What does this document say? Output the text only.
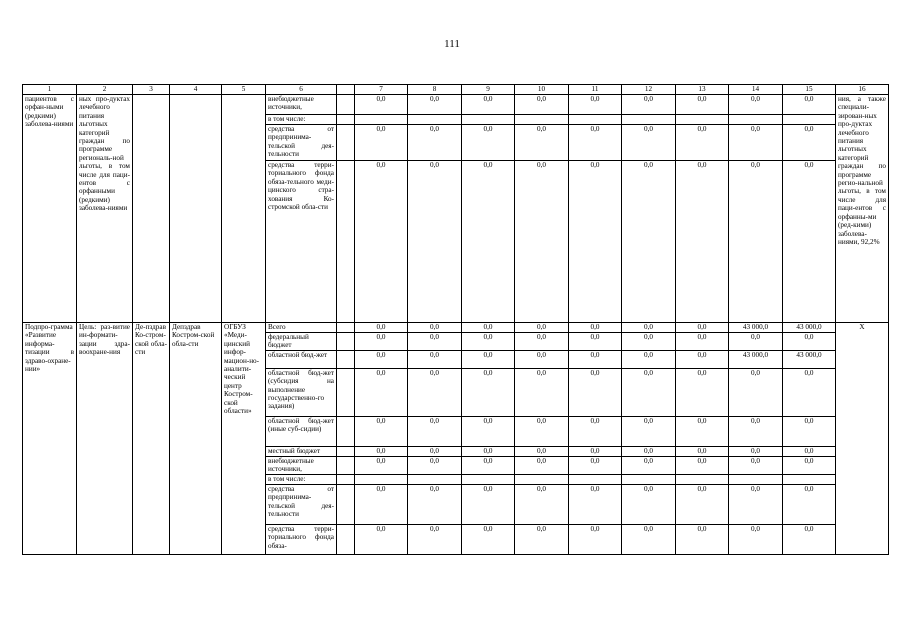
111
1	2	3	4	5	6		7	8	9	10	11	12	13	14	15	16
пациентов с орфан-ными (редкими) заболева-ниями	ных про-дуктах лечебного питания льготных категорий граждан по программе региональ-ной льготы, в том числе для паци-ентов с орфанными (редкими) заболева-ниями				внебюджетные источники,		0,0	0,0	0,0	0,0	0,0	0,0	0,0	0,0	0,0	ния, а также специали-зирован-ных про-дуктах лечебного питания льготных категорий граждан по программе регио-нальной льготы, в том числе для паци-ентов с орфанны-ми (ред-кими) заболева-ниями, 92,2%
					в том числе:											
					средства от предпринима-тельской дея-тельности		0,0	0,0	0,0	0,0	0,0	0,0	0,0	0,0	0,0	
					средства терри-ториального фонда обяза-тельного меди-цинского стра-хования Ко-стромской обла-сти		0,0	0,0	0,0	0,0	0,0	0,0	0,0	0,0	0,0	
Подпро-грамма «Развитие информа-тизации в здраво-охране-нии»	Цель: раз-витие ин-формати-зации здра-воохране-ния	Де-пздрав Ко-стром-ской обла-сти	Депздрав Костром-ской обла-сти	ОГБУЗ «Меди-цинский инфор-мацион-но-аналити-ческий центр Костром-ской области»	Всего		0,0	0,0	0,0	0,0	0,0	0,0	0,0	43 000,0	43 000,0	Х
					федеральный бюджет		0,0	0,0	0,0	0,0	0,0	0,0	0,0	0,0	0,0	
					областной бюд-жет		0,0	0,0	0,0	0,0	0,0	0,0	0,0	43 000,0	43 000,0	
					областной бюд-жет (субсидия на выполнение государственно-го задания)		0,0	0,0	0,0	0,0	0,0	0,0	0,0	0,0	0,0	
					областной бюд-жет (иные суб-сидии)		0,0	0,0	0,0	0,0	0,0	0,0	0,0	0,0	0,0	
					местный бюджет		0,0	0,0	0,0	0,0	0,0	0,0	0,0	0,0	0,0	
					внебюджетные источники,		0,0	0,0	0,0	0,0	0,0	0,0	0,0	0,0	0,0	
					в том числе:											
					средства от предпринима-тельской дея-тельности		0,0	0,0	0,0	0,0	0,0	0,0	0,0	0,0	0,0	
					средства терри-ториального фонда обяза-		0,0	0,0	0,0	0,0	0,0	0,0	0,0	0,0	0,0	
